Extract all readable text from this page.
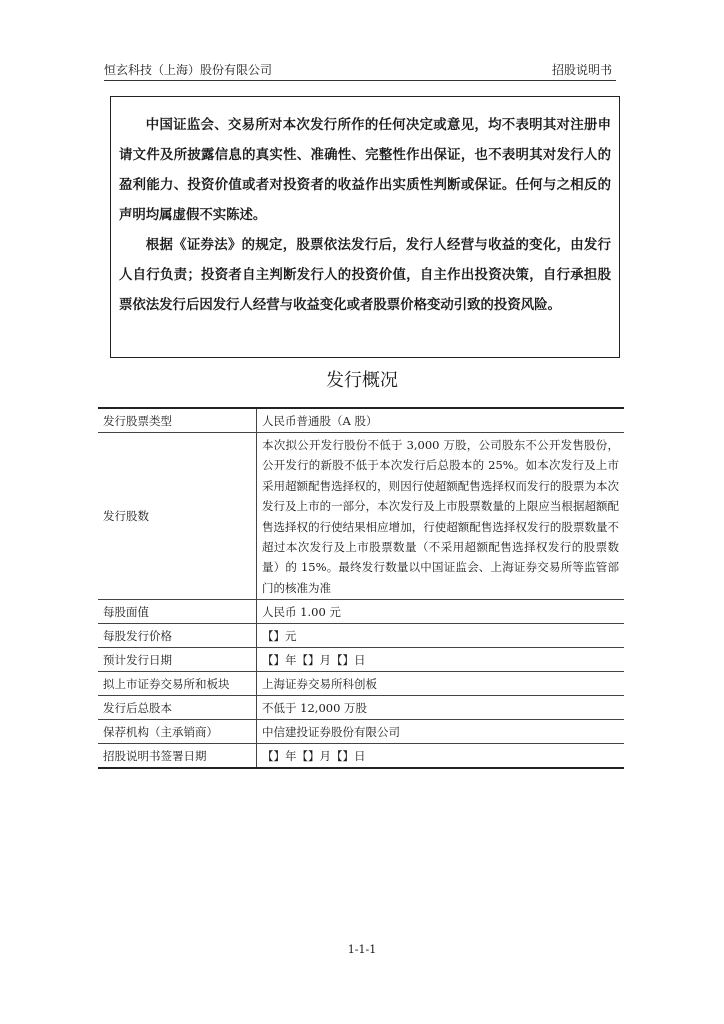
恒玄科技（上海）股份有限公司	招股说明书

中国证监会、交易所对本次发行所作的任何决定或意见，均不表明其对注册申请文件及所披露信息的真实性、准确性、完整性作出保证，也不表明其对发行人的盈利能力、投资价值或者对投资者的收益作出实质性判断或保证。任何与之相反的声明均属虚假不实陈述。

根据《证券法》的规定，股票依法发行后，发行人经营与收益的变化，由发行人自行负责；投资者自主判断发行人的投资价值，自主作出投资决策，自行承担股票依法发行后因发行人经营与收益变化或者股票价格变动引致的投资风险。

发行概况
发行股票类型	人民币普通股（A 股）
发行股数	本次拟公开发行股份不低于 3,000 万股，公司股东不公开发售股份，公开发行的新股不低于本次发行后总股本的 25%。如本次发行及上市采用超额配售选择权的，则因行使超额配售选择权而发行的股票为本次发行及上市的一部分，本次发行及上市股票数量的上限应当根据超额配售选择权的行使结果相应增加，行使超额配售选择权发行的股票数量不超过本次发行及上市股票数量（不采用超额配售选择权发行的股票数量）的 15%。最终发行数量以中国证监会、上海证券交易所等监管部门的核准为准
每股面值	人民币 1.00 元
每股发行价格	【】元
预计发行日期	【】年【】月【】日
拟上市证券交易所和板块	上海证券交易所科创板
发行后总股本	不低于 12,000 万股
保荐机构（主承销商）	中信建投证券股份有限公司
招股说明书签署日期	【】年【】月【】日
1-1-1
